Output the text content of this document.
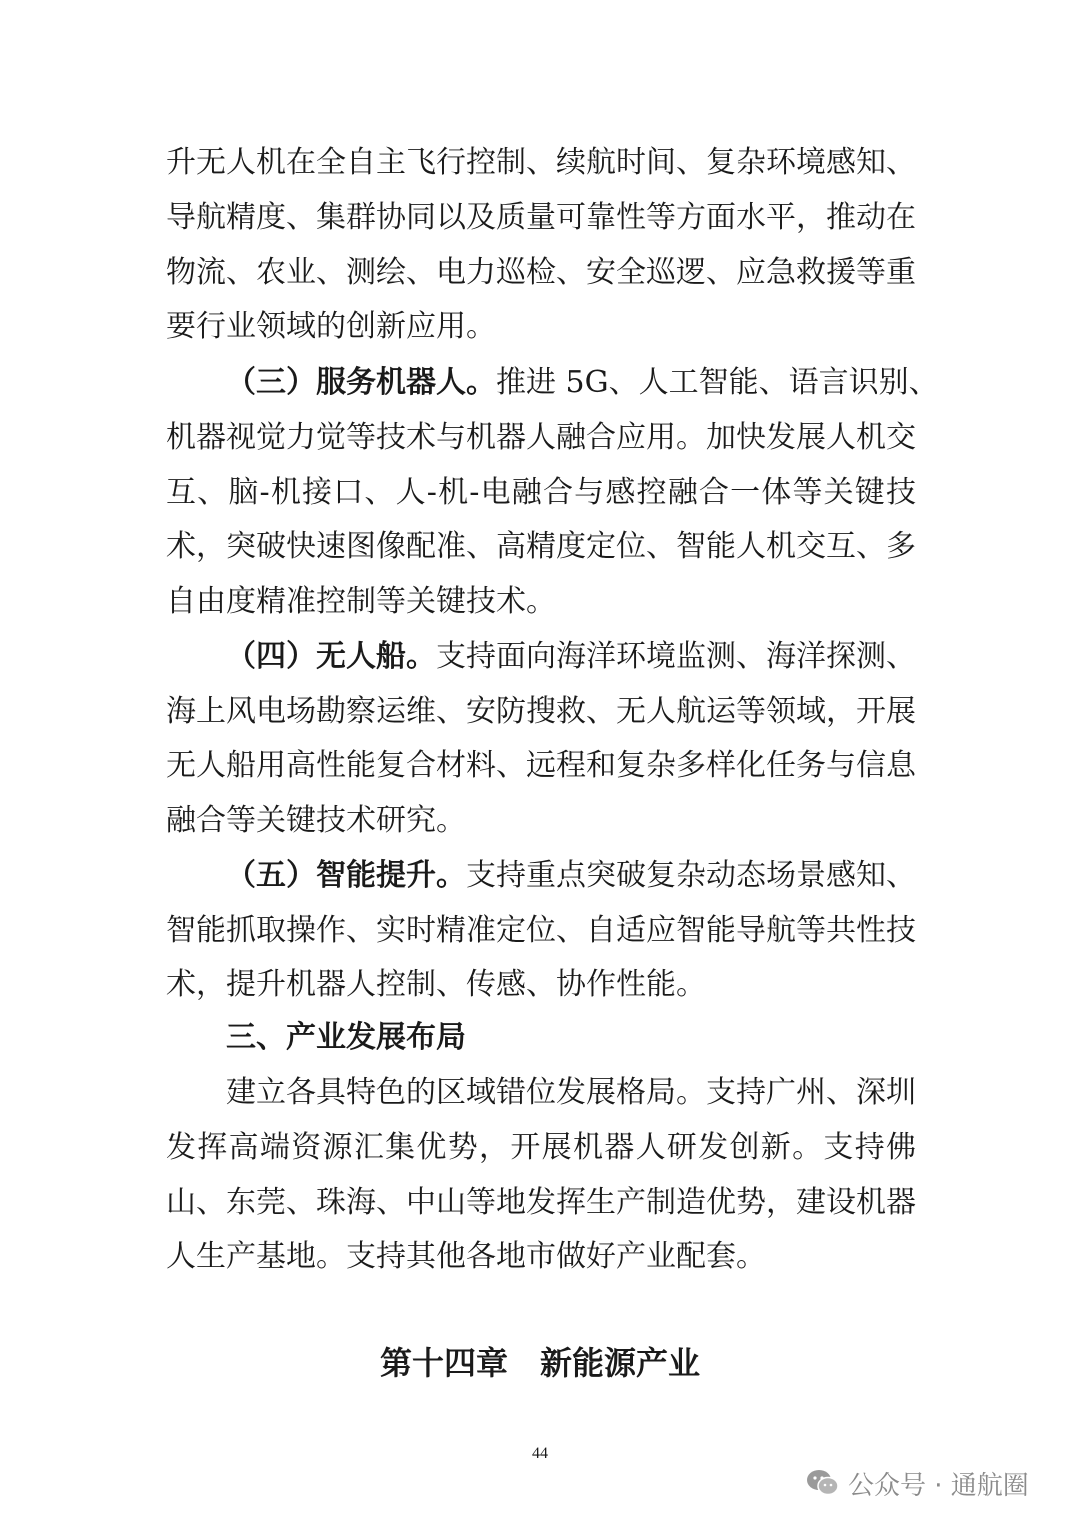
升无人机在全自主飞行控制、续航时间、复杂环境感知、
导航精度、集群协同以及质量可靠性等方面水平，推动在
物流、农业、测绘、电力巡检、安全巡逻、应急救援等重
要行业领域的创新应用。
（三）服务机器人。推进 5G、人工智能、语言识别、
机器视觉力觉等技术与机器人融合应用。加快发展人机交
互、脑-机接口、人-机-电融合与感控融合一体等关键技
术，突破快速图像配准、高精度定位、智能人机交互、多
自由度精准控制等关键技术。
（四）无人船。支持面向海洋环境监测、海洋探测、
海上风电场勘察运维、安防搜救、无人航运等领域，开展
无人船用高性能复合材料、远程和复杂多样化任务与信息
融合等关键技术研究。
（五）智能提升。支持重点突破复杂动态场景感知、
智能抓取操作、实时精准定位、自适应智能导航等共性技
术，提升机器人控制、传感、协作性能。
三、产业发展布局
建立各具特色的区域错位发展格局。支持广州、深圳
发挥高端资源汇集优势，开展机器人研发创新。支持佛
山、东莞、珠海、中山等地发挥生产制造优势，建设机器
人生产基地。支持其他各地市做好产业配套。
第十四章　新能源产业
44
公众号 · 通航圈
